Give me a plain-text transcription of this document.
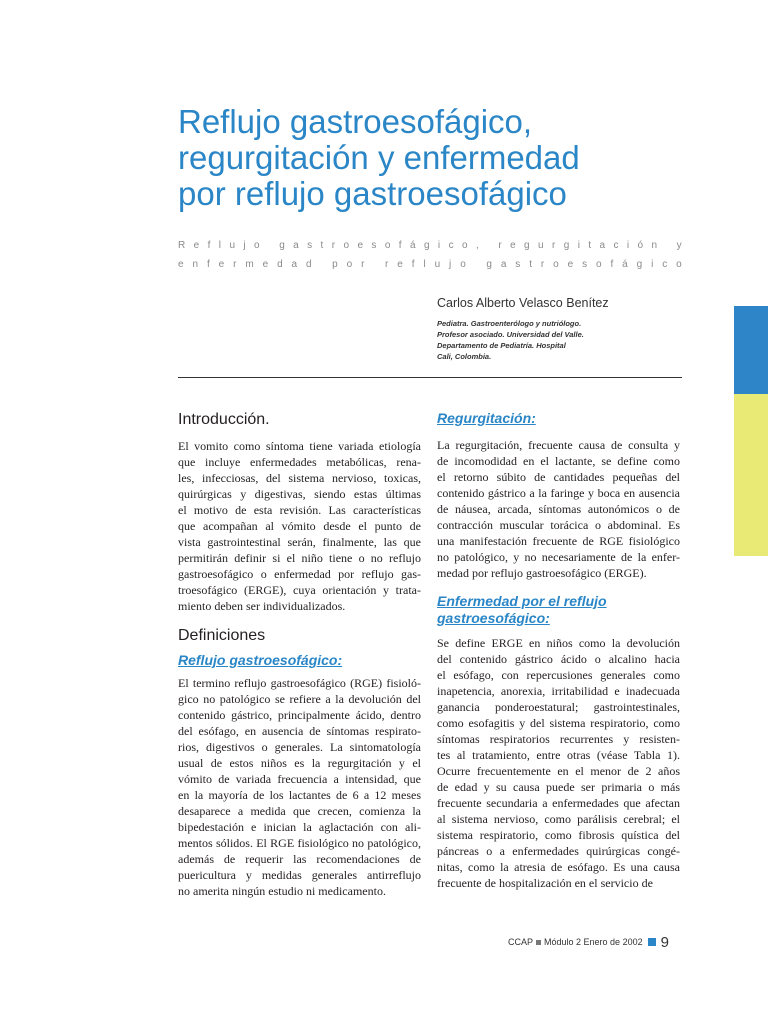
Reflujo gastroesofágico,
regurgitación y enfermedad
por reflujo gastroesofágico
R e f l u j o
g a s t r o e s o f á g i c o ,
r e g u r g i t a c i ó n
y
e n f e r m e d a d
p o r
r e f l u j o
g a s t r o e s o f á g i c o
Carlos Alberto Velasco Benítez
Pediatra. Gastroenterólogo y nutriólogo.
Profesor asociado. Universidad del Valle.
Departamento de Pediatría. Hospital
Cali, Colombia.
Introducción.
El vomito como síntoma tiene variada etiología
que incluye enfermedades metabólicas, rena-
les, infecciosas, del sistema nervioso, toxicas,
quirúrgicas y digestivas, siendo estas últimas
el motivo de esta revisión. Las características
que acompañan al vómito desde el punto de
vista gastrointestinal serán, finalmente, las que
permitirán definir si el niño tiene o no reflujo
gastroesofágico o enfermedad por reflujo gas-
troesofágico (ERGE), cuya orientación y trata-
miento deben ser individualizados.
Definiciones
Reflujo gastroesofágico:
El termino reflujo gastroesofágico (RGE) fisioló-
gico no patológico se refiere a la devolución del
contenido gástrico, principalmente ácido, dentro
del esófago, en ausencia de síntomas respirato-
rios, digestivos o generales. La sintomatología
usual de estos niños es la regurgitación y el
vómito de variada frecuencia a intensidad, que
en la mayoría de los lactantes de 6 a 12 meses
desaparece a medida que crecen, comienza la
bipedestación e inician la aglactación con ali-
mentos sólidos. El RGE fisiológico no patológico,
además de requerir las recomendaciones de
puericultura y medidas generales antirreflujo
no amerita ningún estudio ni medicamento.
Regurgitación:
La regurgitación, frecuente causa de consulta y
de incomodidad en el lactante, se define como
el retorno súbito de cantidades pequeñas del
contenido gástrico a la faringe y boca en ausencia
de náusea, arcada, síntomas autonómicos o de
contracción muscular torácica o abdominal. Es
una manifestación frecuente de RGE fisiológico
no patológico, y no necesariamente de la enfer-
medad por reflujo gastroesofágico (ERGE).
Enfermedad por el reflujo
gastroesofágico:
Se define ERGE en niños como la devolución
del contenido gástrico ácido o alcalino hacia
el esófago, con repercusiones generales como
inapetencia, anorexia, irritabilidad e inadecuada
ganancia ponderoestatural; gastrointestinales,
como esofagitis y del sistema respiratorio, como
síntomas respiratorios recurrentes y resisten-
tes al tratamiento, entre otras (véase Tabla 1).
Ocurre frecuentemente en el menor de 2 años
de edad y su causa puede ser primaria o más
frecuente secundaria a enfermedades que afectan
al sistema nervioso, como parálisis cerebral; el
sistema respiratorio, como fibrosis quística del
páncreas o a enfermedades quirúrgicas congé-
nitas, como la atresia de esófago. Es una causa
frecuente de hospitalización en el servicio de
CCAP Módulo 2 Enero de 2002 9
